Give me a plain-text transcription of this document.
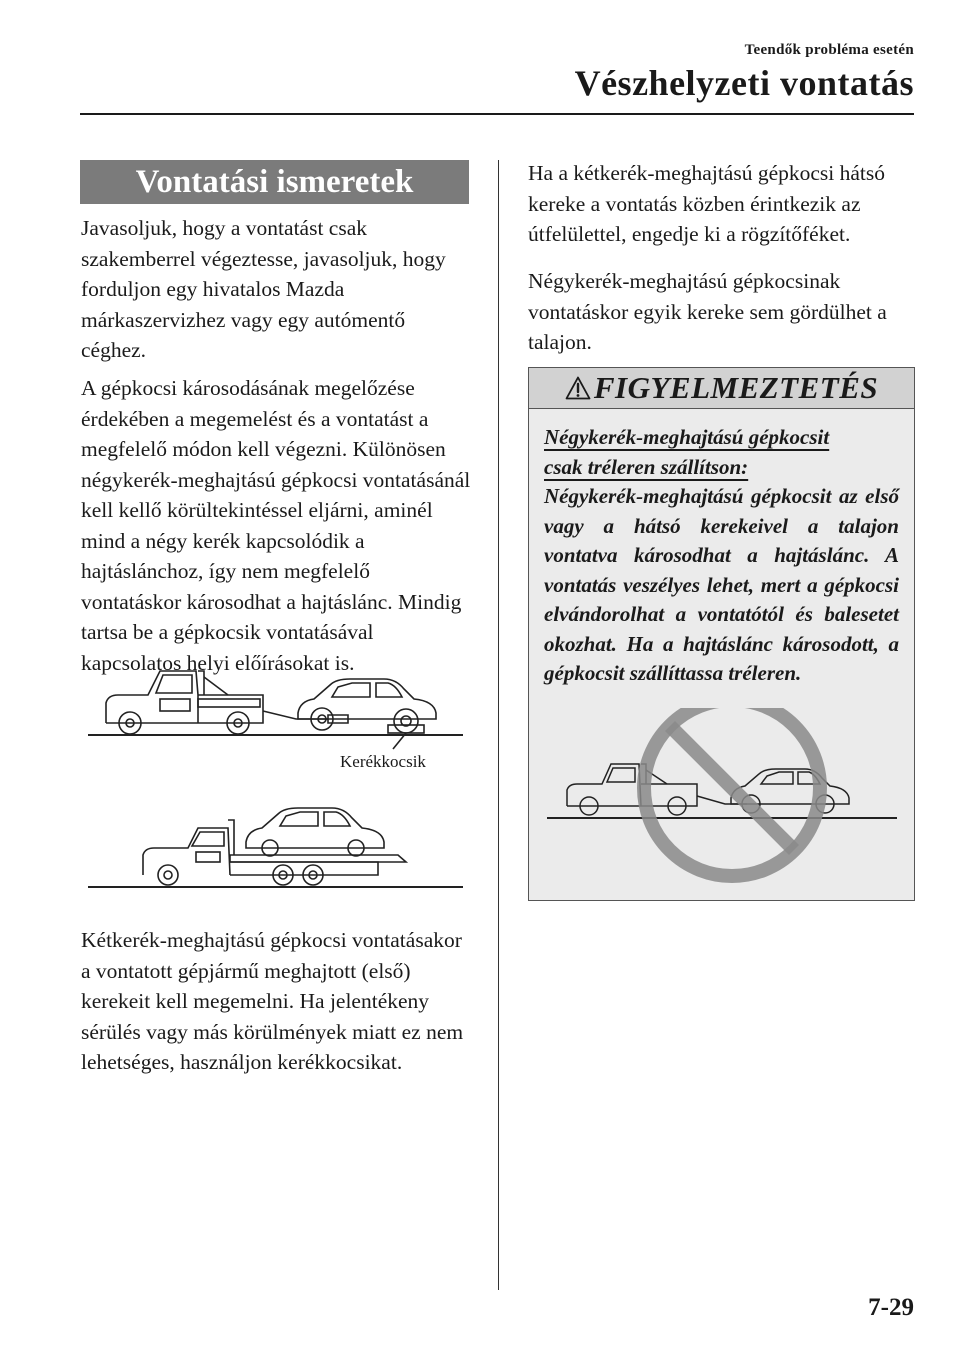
Teendők probléma esetén
Vészhelyzeti vontatás
Vontatási ismeretek
Javasoljuk, hogy a vontatást csak szakemberrel végeztesse, javasoljuk, hogy forduljon egy hivatalos Mazda márkaszervizhez vagy egy autómentő céghez.
A gépkocsi károsodásának megelőzése érdekében a megemelést és a vontatást a megfelelő módon kell végezni. Különösen négykerék-meghajtású gépkocsi vontatásánál kell kellő körültekintéssel eljárni, aminél mind a négy kerék kapcsolódik a hajtáslánchoz, így nem megfelelő vontatáskor károsodhat a hajtáslánc. Mindig tartsa be a gépkocsik vontatásával kapcsolatos helyi előírásokat is.
Kerékkocsik
Kétkerék-meghajtású gépkocsi vontatásakor a vontatott gépjármű meghajtott (első) kerekeit kell megemelni. Ha jelentékeny sérülés vagy más körülmények miatt ez nem lehetséges, használjon kerékkocsikat.
Ha a kétkerék-meghajtású gépkocsi hátsó kereke a vontatás közben érintkezik az útfelülettel, engedje ki a rögzítőféket.
Négykerék-meghajtású gépkocsinak vontatáskor egyik kereke sem gördülhet a talajon.
FIGYELMEZTETÉS
Négykerék-meghajtású gépkocsit
csak tréleren szállítson:
Négykerék-meghajtású gépkocsit az első vagy a hátsó kerekeivel a talajon vontatva károsodhat a hajtáslánc. A vontatás veszélyes lehet, mert a gépkocsi elvándorolhat a vontatótól és balesetet okozhat. Ha a hajtáslánc károsodott, a gépkocsit szállíttassa tréleren.
7-29
